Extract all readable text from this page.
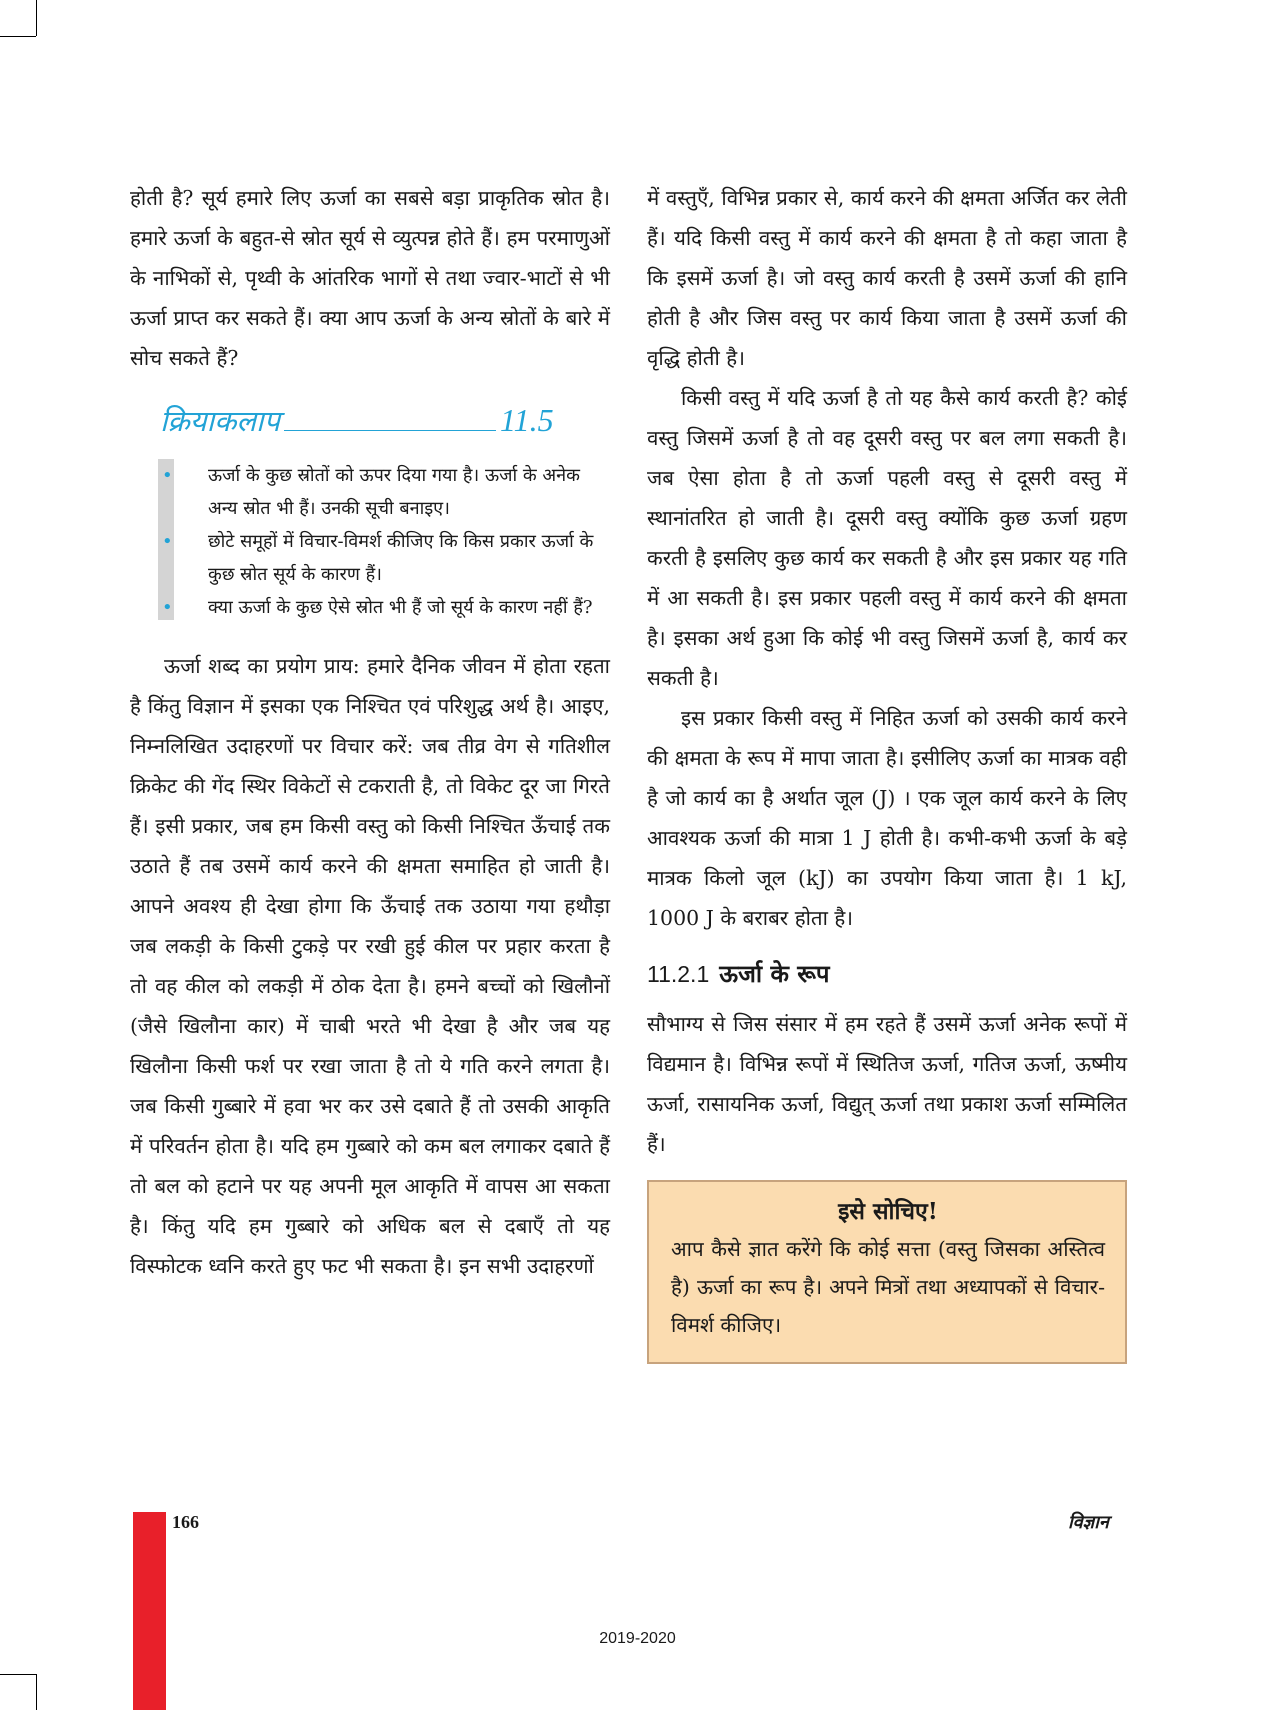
होती है? सूर्य हमारे लिए ऊर्जा का सबसे बड़ा प्राकृतिक स्रोत है। हमारे ऊर्जा के बहुत-से स्रोत सूर्य से व्युत्पन्न होते हैं। हम परमाणुओं के नाभिकों से, पृथ्वी के आंतरिक भागों से तथा ज्वार-भाटों से भी ऊर्जा प्राप्त कर सकते हैं। क्या आप ऊर्जा के अन्य स्रोतों के बारे में सोच सकते हैं?

क्रियाकलाप	11.5
• ऊर्जा के कुछ स्रोतों को ऊपर दिया गया है। ऊर्जा के अनेक अन्य स्रोत भी हैं। उनकी सूची बनाइए।
• छोटे समूहों में विचार-विमर्श कीजिए कि किस प्रकार ऊर्जा के कुछ स्रोत सूर्य के कारण हैं।
• क्या ऊर्जा के कुछ ऐसे स्रोत भी हैं जो सूर्य के कारण नहीं हैं?

ऊर्जा शब्द का प्रयोग प्राय: हमारे दैनिक जीवन में होता रहता है किंतु विज्ञान में इसका एक निश्चित एवं परिशुद्ध अर्थ है। आइए, निम्नलिखित उदाहरणों पर विचार करें: जब तीव्र वेग से गतिशील क्रिकेट की गेंद स्थिर विकेटों से टकराती है, तो विकेट दूर जा गिरते हैं। इसी प्रकार, जब हम किसी वस्तु को किसी निश्चित ऊँचाई तक उठाते हैं तब उसमें कार्य करने की क्षमता समाहित हो जाती है। आपने अवश्य ही देखा होगा कि ऊँचाई तक उठाया गया हथौड़ा जब लकड़ी के किसी टुकड़े पर रखी हुई कील पर प्रहार करता है तो वह कील को लकड़ी में ठोक देता है। हमने बच्चों को खिलौनों (जैसे खिलौना कार) में चाबी भरते भी देखा है और जब यह खिलौना किसी फर्श पर रखा जाता है तो ये गति करने लगता है। जब किसी गुब्बारे में हवा भर कर उसे दबाते हैं तो उसकी आकृति में परिवर्तन होता है। यदि हम गुब्बारे को कम बल लगाकर दबाते हैं तो बल को हटाने पर यह अपनी मूल आकृति में वापस आ सकता है। किंतु यदि हम गुब्बारे को अधिक बल से दबाएँ तो यह विस्फोटक ध्वनि करते हुए फट भी सकता है। इन सभी उदाहरणों

में वस्तुएँ, विभिन्न प्रकार से, कार्य करने की क्षमता अर्जित कर लेती हैं। यदि किसी वस्तु में कार्य करने की क्षमता है तो कहा जाता है कि इसमें ऊर्जा है। जो वस्तु कार्य करती है उसमें ऊर्जा की हानि होती है और जिस वस्तु पर कार्य किया जाता है उसमें ऊर्जा की वृद्धि होती है।

किसी वस्तु में यदि ऊर्जा है तो यह कैसे कार्य करती है? कोई वस्तु जिसमें ऊर्जा है तो वह दूसरी वस्तु पर बल लगा सकती है। जब ऐसा होता है तो ऊर्जा पहली वस्तु से दूसरी वस्तु में स्थानांतरित हो जाती है। दूसरी वस्तु क्योंकि कुछ ऊर्जा ग्रहण करती है इसलिए कुछ कार्य कर सकती है और इस प्रकार यह गति में आ सकती है। इस प्रकार पहली वस्तु में कार्य करने की क्षमता है। इसका अर्थ हुआ कि कोई भी वस्तु जिसमें ऊर्जा है, कार्य कर सकती है।

इस प्रकार किसी वस्तु में निहित ऊर्जा को उसकी कार्य करने की क्षमता के रूप में मापा जाता है। इसीलिए ऊर्जा का मात्रक वही है जो कार्य का है अर्थात जूल (J) । एक जूल कार्य करने के लिए आवश्यक ऊर्जा की मात्रा 1 J होती है। कभी-कभी ऊर्जा के बड़े मात्रक किलो जूल (kJ) का उपयोग किया जाता है। 1 kJ, 1000 J के बराबर होता है।

11.2.1 ऊर्जा के रूप

सौभाग्य से जिस संसार में हम रहते हैं उसमें ऊर्जा अनेक रूपों में विद्यमान है। विभिन्न रूपों में स्थितिज ऊर्जा, गतिज ऊर्जा, ऊष्मीय ऊर्जा, रासायनिक ऊर्जा, विद्युत् ऊर्जा तथा प्रकाश ऊर्जा सम्मिलित हैं।

इसे सोचिए!
आप कैसे ज्ञात करेंगे कि कोई सत्ता (वस्तु जिसका अस्तित्व है) ऊर्जा का रूप है। अपने मित्रों तथा अध्यापकों से विचार-विमर्श कीजिए।
166	विज्ञान
2019-2020
